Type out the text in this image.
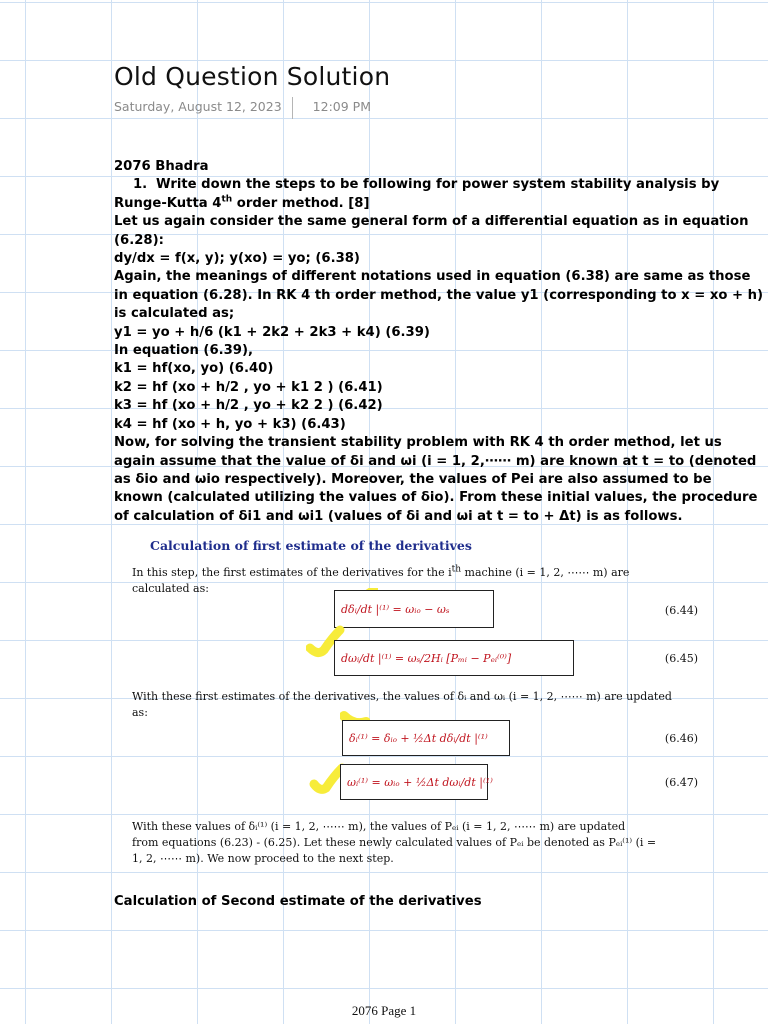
Old Question Solution
Saturday, August 12, 2023 12:09 PM

2076 Bhadra

1. Write down the steps to be following for power system stability analysis by

Runge-Kutta 4th order method. [8]

Let us again consider the same general form of a differential equation as in equation

(6.28):

dy/dx = f(x, y); y(xo) = yo; (6.38)

Again, the meanings of different notations used in equation (6.38) are same as those

in equation (6.28). In RK 4 th order method, the value y1 (corresponding to x = xo + h)

is calculated as;

y1 = yo + h/6 (k1 + 2k2 + 2k3 + k4) (6.39)

In equation (6.39),

k1 = hf(xo, yo) (6.40)

k2 = hf (xo + h/2 , yo + k1 2 ) (6.41)

k3 = hf (xo + h/2 , yo + k2 2 ) (6.42)

k4 = hf (xo + h, yo + k3) (6.43)

Now, for solving the transient stability problem with RK 4 th order method, let us

again assume that the value of δi and ωi (i = 1, 2,⋯⋯ m) are known at t = to (denoted

as δio and ωio respectively). Moreover, the values of Pei are also assumed to be

known (calculated utilizing the values of δio). From these initial values, the procedure

of calculation of δi1 and ωi1 (values of δi and ωi at t = to + Δt) is as follows.

Calculation of first estimate of the derivatives
In this step, the first estimates of the derivatives for the $i^{th}$ machine (i = 1, 2, ⋯⋯ m) are
calculated as:
dδᵢ/dt |⁽¹⁾ = ωᵢₒ − ωₛ	(6.44)
dωᵢ/dt |⁽¹⁾ = ωₛ/2Hᵢ [Pₘᵢ − Pₑᵢ⁽⁰⁾]	(6.45)
With these first estimates of the derivatives, the values of δᵢ and ωᵢ (i = 1, 2, ⋯⋯ m) are updated
as:
δᵢ⁽¹⁾ = δᵢₒ + ½Δt dδᵢ/dt |⁽¹⁾	(6.46)
ωᵢ⁽¹⁾ = ωᵢₒ + ½Δt dωᵢ/dt |⁽¹⁾	(6.47)
With these values of δᵢ⁽¹⁾ (i = 1, 2, ⋯⋯ m), the values of Pₑᵢ (i = 1, 2, ⋯⋯ m) are updated
from equations (6.23) - (6.25). Let these newly calculated values of Pₑᵢ be denoted as Pₑᵢ⁽¹⁾ (i =
1, 2, ⋯⋯ m). We now proceed to the next step.
Calculation of Second estimate of the derivatives
2076 Page 1
